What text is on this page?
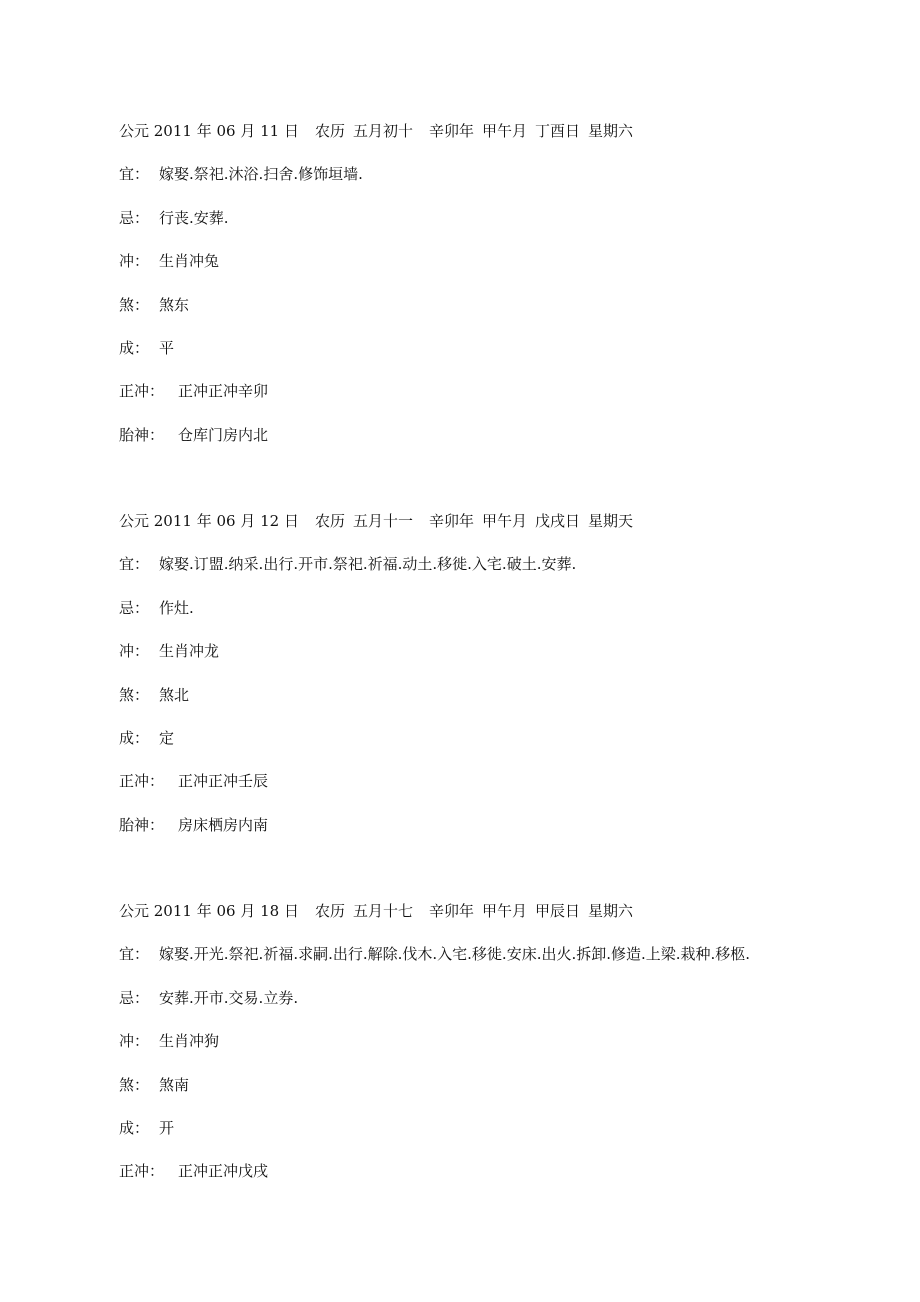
公元 2011 年 06 月 11 日 农历 五月初十 辛卯年 甲午月 丁酉日 星期六
宜： 嫁娶.祭祀.沐浴.扫舍.修饰垣墙.
忌： 行丧.安葬.
冲： 生肖冲兔
煞： 煞东
成： 平
正冲： 正冲正冲辛卯
胎神： 仓库门房内北
公元 2011 年 06 月 12 日 农历 五月十一 辛卯年 甲午月 戊戌日 星期天
宜： 嫁娶.订盟.纳采.出行.开市.祭祀.祈福.动土.移徙.入宅.破土.安葬.
忌： 作灶.
冲： 生肖冲龙
煞： 煞北
成： 定
正冲： 正冲正冲壬辰
胎神： 房床栖房内南
公元 2011 年 06 月 18 日 农历 五月十七 辛卯年 甲午月 甲辰日 星期六
宜： 嫁娶.开光.祭祀.祈福.求嗣.出行.解除.伐木.入宅.移徙.安床.出火.拆卸.修造.上梁.栽种.移柩.
忌： 安葬.开市.交易.立券.
冲： 生肖冲狗
煞： 煞南
成： 开
正冲： 正冲正冲戊戌
